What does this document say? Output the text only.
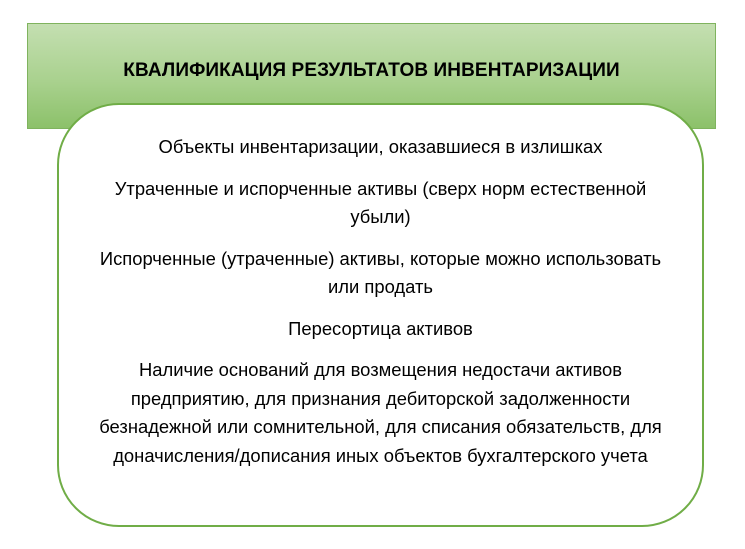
КВАЛИФИКАЦИЯ РЕЗУЛЬТАТОВ ИНВЕНТАРИЗАЦИИ
Объекты инвентаризации, оказавшиеся в излишках
Утраченные и испорченные активы (сверх норм естественной убыли)
Испорченные (утраченные) активы, которые можно использовать или продать
Пересортица активов
Наличие оснований для возмещения недостачи активов предприятию, для признания дебиторской задолженности безнадежной или сомнительной, для списания обязательств, для доначисления/дописания иных объектов бухгалтерского учета
